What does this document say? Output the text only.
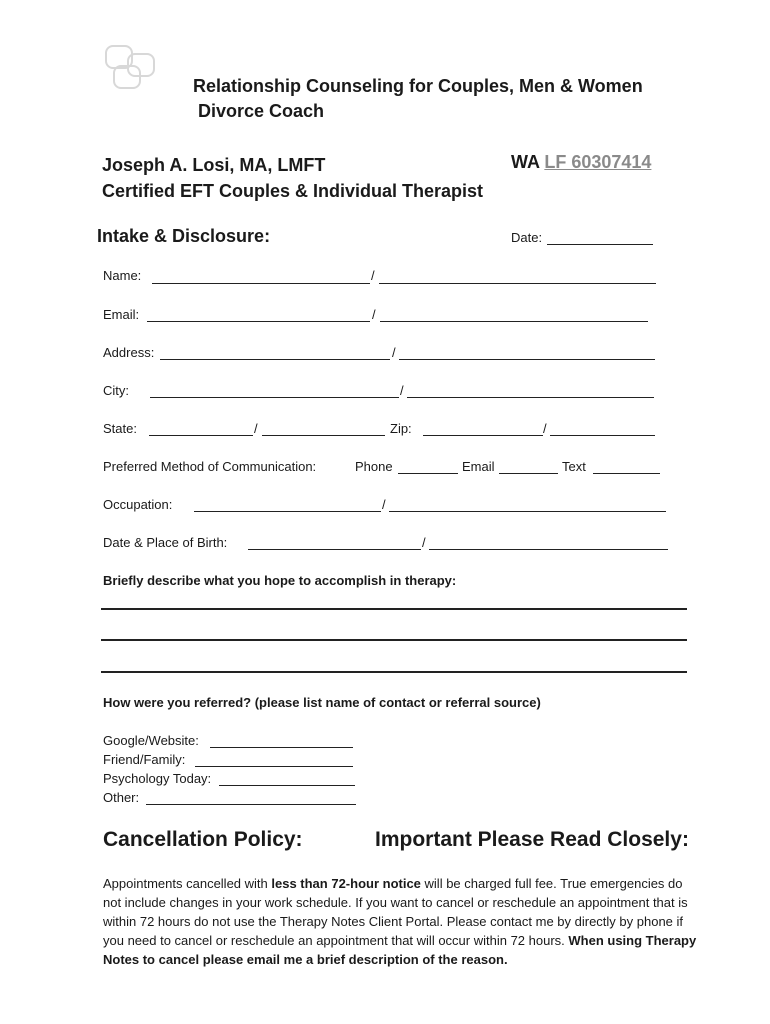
Relationship Counseling for Couples, Men & Women
Divorce Coach
Joseph A. Losi, MA, LMFT
Certified EFT Couples & Individual Therapist
WA LF 60307414
Intake & Disclosure:	Date:
Name:	/
Email:	/
Address:	/
City:	/
State:	/	Zip:	/
Preferred Method of Communication:	Phone	Email	Text
Occupation:	/
Date & Place of Birth:	/
Briefly describe what you hope to accomplish in therapy:
How were you referred? (please list name of contact or referral source)
Google/Website:
Friend/Family:
Psychology Today:
Other:
Cancellation Policy:	Important Please Read Closely:
Appointments cancelled with less than 72-hour notice will be charged full fee. True emergencies do not include changes in your work schedule. If you want to cancel or reschedule an appointment that is within 72 hours do not use the Therapy Notes Client Portal. Please contact me by directly by phone if you need to cancel or reschedule an appointment that will occur within 72 hours. When using Therapy Notes to cancel please email me a brief description of the reason.
